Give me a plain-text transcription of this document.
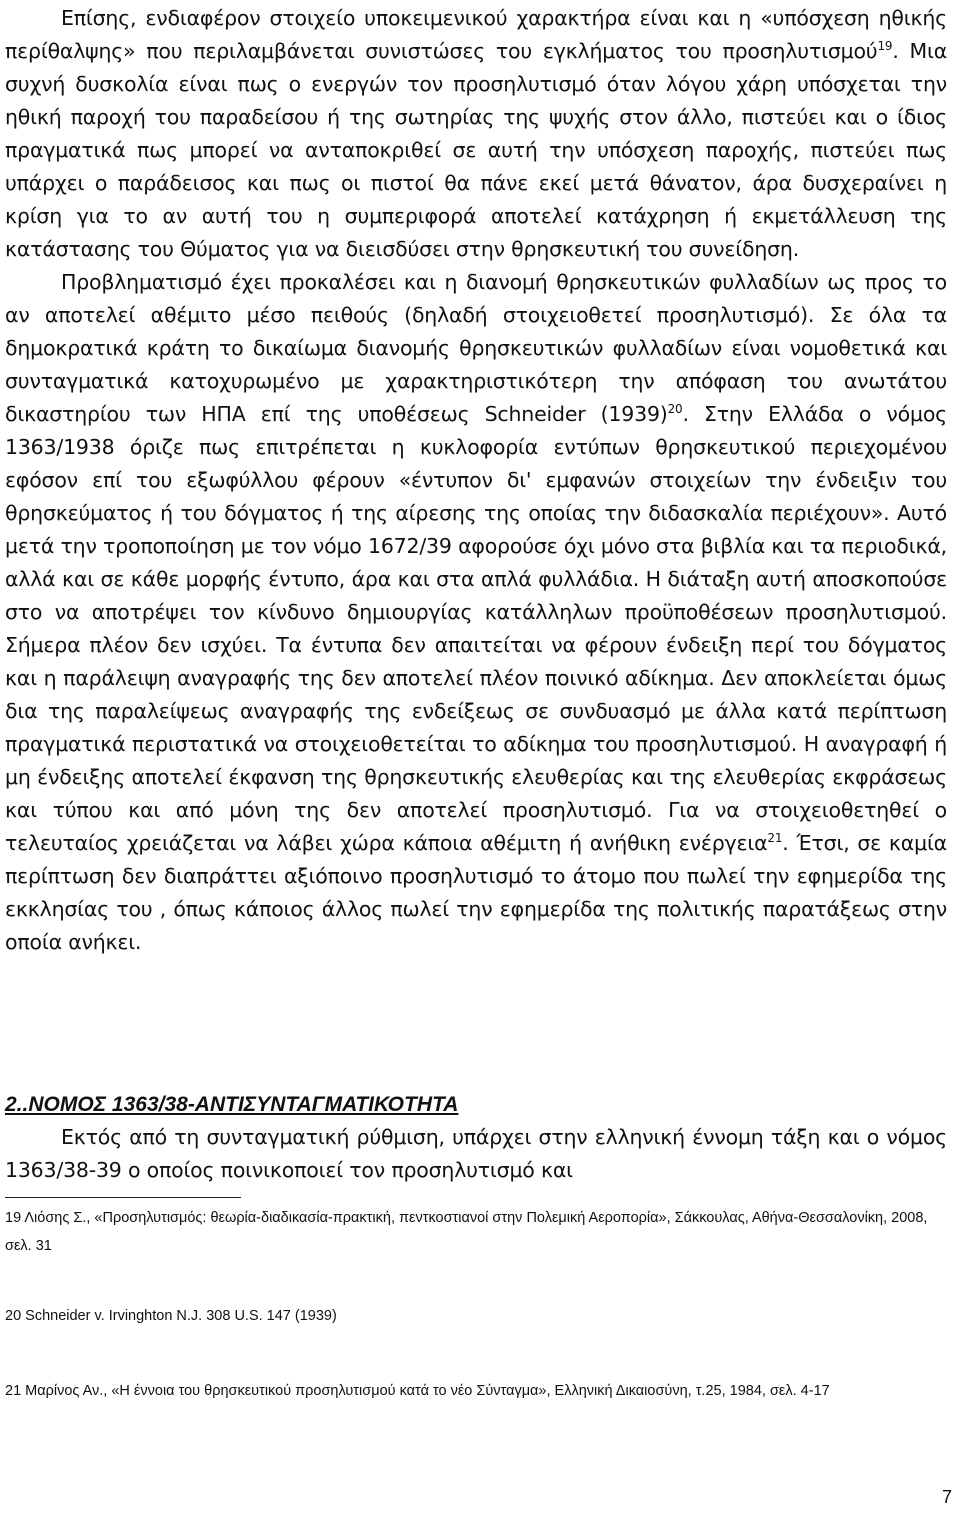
Επίσης, ενδιαφέρον στοιχείο υποκειμενικού χαρακτήρα είναι και η «υπόσχεση ηθικής περίθαλψης» που περιλαμβάνεται συνιστώσες του εγκλήματος του προσηλυτισμού$^{19}$. Μια συχνή δυσκολία είναι πως ο ενεργών τον προσηλυτισμό όταν λόγου χάρη υπόσχεται την ηθική παροχή του παραδείσου ή της σωτηρίας της ψυχής στον άλλο, πιστεύει και ο ίδιος πραγματικά πως μπορεί να ανταποκριθεί σε αυτή την υπόσχεση παροχής, πιστεύει πως υπάρχει ο παράδεισος και πως οι πιστοί θα πάνε εκεί μετά θάνατον, άρα δυσχεραίνει η κρίση για το αν αυτή του η συμπεριφορά αποτελεί κατάχρηση ή εκμετάλλευση της κατάστασης του Θύματος για να διεισδύσει στην θρησκευτική του συνείδηση.

Προβληματισμό έχει προκαλέσει και η διανομή θρησκευτικών φυλλαδίων ως προς το αν αποτελεί αθέμιτο μέσο πειθούς (δηλαδή στοιχειοθετεί προσηλυτισμό). Σε όλα τα δημοκρατικά κράτη το δικαίωμα διανομής θρησκευτικών φυλλαδίων είναι νομοθετικά και συνταγματικά κατοχυρωμένο με χαρακτηριστικότερη την απόφαση του ανωτάτου δικαστηρίου των ΗΠΑ επί της υποθέσεως Schneider $(1939)^{20}$. Στην Ελλάδα ο νόμος 1363/1938 όριζε πως επιτρέπεται η κυκλοφορία εντύπων θρησκευτικού περιεχομένου εφόσον επί του εξωφύλλου φέρουν «έντυπον δι' εμφανών στοιχείων την ένδειξιν του θρησκεύματος ή του δόγματος ή της αίρεσης της οποίας την διδασκαλία περιέχουν». Αυτό μετά την τροποποίηση με τον νόμο 1672/39 αφορούσε όχι μόνο στα βιβλία και τα περιοδικά, αλλά και σε κάθε μορφής έντυπο, άρα και στα απλά φυλλάδια. Η διάταξη αυτή αποσκοπούσε στο να αποτρέψει τον κίνδυνο δημιουργίας κατάλληλων προϋποθέσεων προσηλυτισμού. Σήμερα πλέον δεν ισχύει. Τα έντυπα δεν απαιτείται να φέρουν ένδειξη περί του δόγματος και η παράλειψη αναγραφής της δεν αποτελεί πλέον ποινικό αδίκημα. Δεν αποκλείεται όμως δια της παραλείψεως αναγραφής της ενδείξεως σε συνδυασμό με άλλα κατά περίπτωση πραγματικά περιστατικά να στοιχειοθετείται το αδίκημα του προσηλυτισμού. Η αναγραφή ή μη ένδειξης αποτελεί έκφανση της θρησκευτικής ελευθερίας και της ελευθερίας εκφράσεως και τύπου και από μόνη της δεν αποτελεί προσηλυτισμό. Για να στοιχειοθετηθεί ο τελευταίος χρειάζεται να λάβει χώρα κάποια αθέμιτη ή ανήθικη ενέργεια$^{21}$. Έτσι, σε καμία περίπτωση δεν διαπράττει αξιόποινο προσηλυτισμό το άτομο που πωλεί την εφημερίδα της εκκλησίας του , όπως κάποιος άλλος πωλεί την εφημερίδα της πολιτικής παρατάξεως στην οποία ανήκει.

2..ΝΟΜΟΣ 1363/38-ΑΝΤΙΣΥΝΤΑΓΜΑΤΙΚΟΤΗΤΑ

Εκτός από τη συνταγματική ρύθμιση, υπάρχει στην ελληνική έννομη τάξη και ο νόμος 1363/38-39 ο οποίος ποινικοποιεί τον προσηλυτισμό και

19 Λιόσης Σ., «Προσηλυτισμός: θεωρία-διαδικασία-πρακτική, πεντκοστιανοί στην Πολεμική Αεροπορία», Σάκκουλας, Αθήνα-Θεσσαλονίκη, 2008, σελ. 31
20 Schneider v. Irvinghton N.J. 308 U.S. 147 (1939)
21 Μαρίνος Αν., «Η έννοια του θρησκευτικού προσηλυτισμού κατά το νέο Σύνταγμα», Ελληνική Δικαιοσύνη, τ.25, 1984, σελ. 4-17
7
